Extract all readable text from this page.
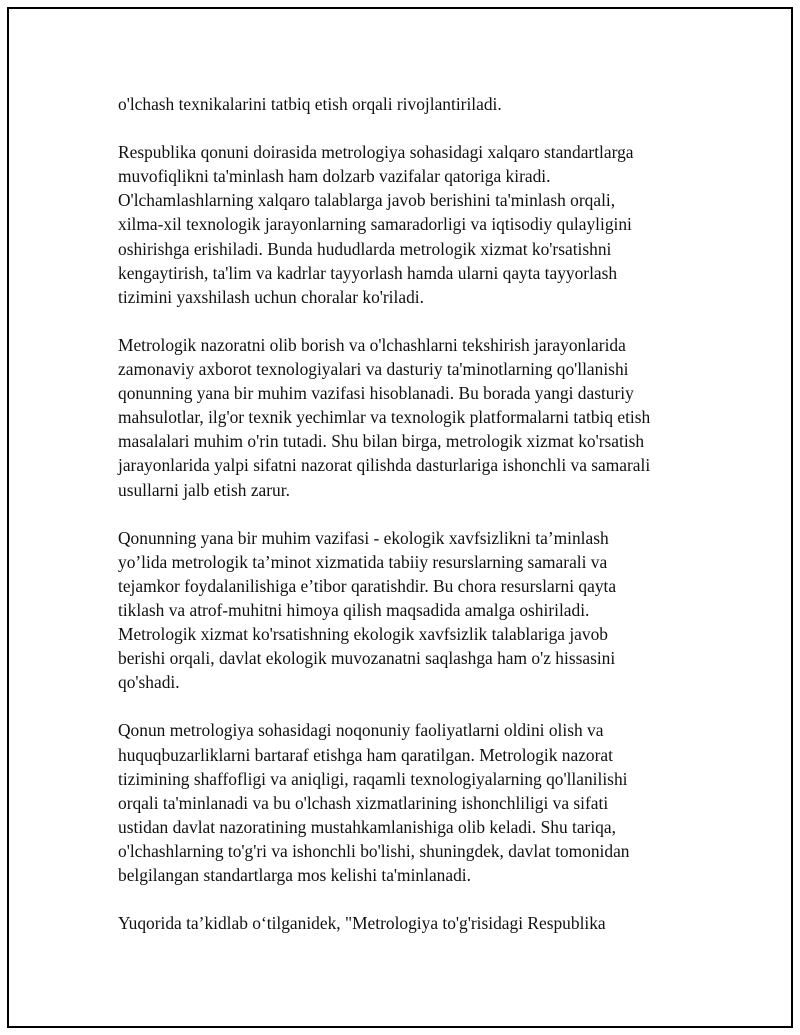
o'lchash texnikalarini tatbiq etish orqali rivojlantiriladi.
Respublika qonuni doirasida metrologiya sohasidagi xalqaro standartlarga
muvofiqlikni ta'minlash ham dolzarb vazifalar qatoriga kiradi.
O'lchamlashlarning xalqaro talablarga javob berishini ta'minlash orqali,
xilma-xil texnologik jarayonlarning samaradorligi va iqtisodiy qulayligini
oshirishga erishiladi. Bunda hududlarda metrologik xizmat ko'rsatishni
kengaytirish, ta'lim va kadrlar tayyorlash hamda ularni qayta tayyorlash
tizimini yaxshilash uchun choralar ko'riladi.
Metrologik nazoratni olib borish va o'lchashlarni tekshirish jarayonlarida
zamonaviy axborot texnologiyalari va dasturiy ta'minotlarning qo'llanishi
qonunning yana bir muhim vazifasi hisoblanadi. Bu borada yangi dasturiy
mahsulotlar, ilg'or texnik yechimlar va texnologik platformalarni tatbiq etish
masalalari muhim o'rin tutadi. Shu bilan birga, metrologik xizmat ko'rsatish
jarayonlarida yalpi sifatni nazorat qilishda dasturlariga ishonchli va samarali
usullarni jalb etish zarur.
Qonunning yana bir muhim vazifasi - ekologik xavfsizlikni ta’minlash
yo’lida metrologik ta’minot xizmatida tabiiy resurslarning samarali va
tejamkor foydalanilishiga e’tibor qaratishdir. Bu chora resurslarni qayta
tiklash va atrof-muhitni himoya qilish maqsadida amalga oshiriladi.
Metrologik xizmat ko'rsatishning ekologik xavfsizlik talablariga javob
berishi orqali, davlat ekologik muvozanatni saqlashga ham o'z hissasini
qo'shadi.
Qonun metrologiya sohasidagi noqonuniy faoliyatlarni oldini olish va
huquqbuzarliklarni bartaraf etishga ham qaratilgan. Metrologik nazorat
tizimining shaffofligi va aniqligi, raqamli texnologiyalarning qo'llanilishi
orqali ta'minlanadi va bu o'lchash xizmatlarining ishonchliligi va sifati
ustidan davlat nazoratining mustahkamlanishiga olib keladi. Shu tariqa,
o'lchashlarning to'g'ri va ishonchli bo'lishi, shuningdek, davlat tomonidan
belgilangan standartlarga mos kelishi ta'minlanadi.
Yuqorida ta’kidlab o‘tilganidek, "Metrologiya to'g'risidagi Respublika
